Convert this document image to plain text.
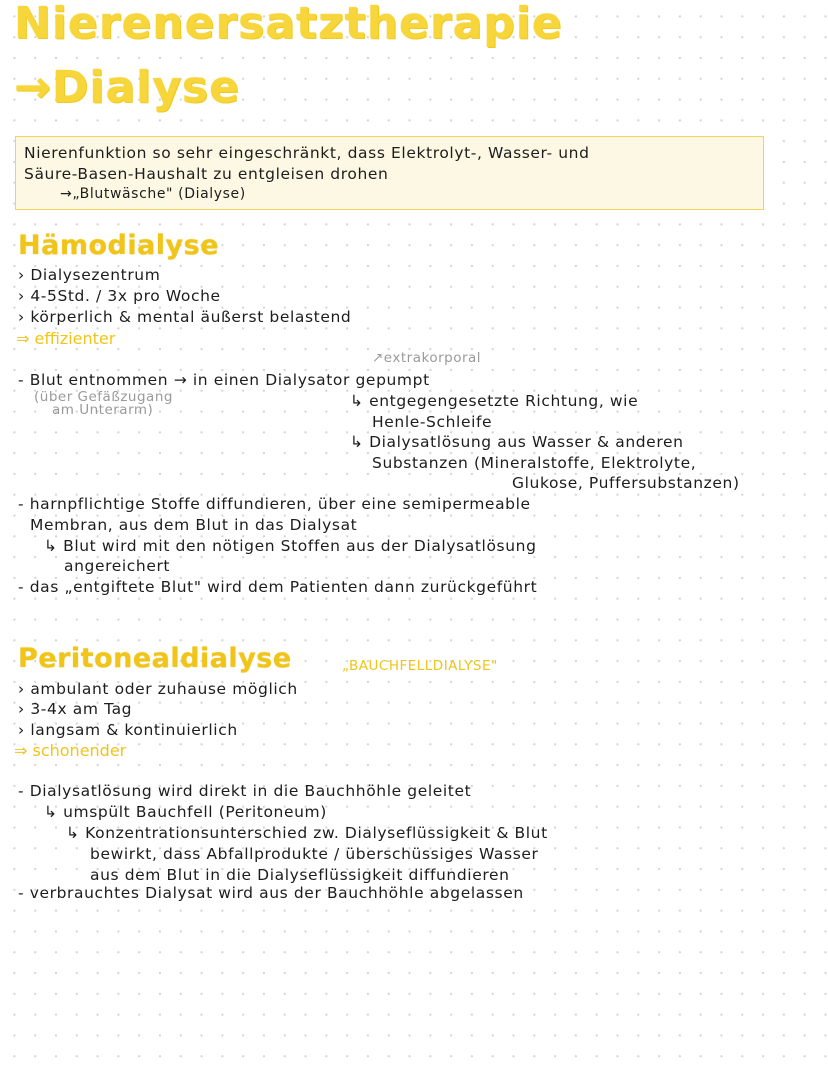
Nierenersatztherapie
→Dialyse
Nierenfunktion so sehr eingeschränkt, dass Elektrolyt-, Wasser- und
Säure-Basen-Haushalt zu entgleisen drohen
→„Blutwäsche" (Dialyse)
Hämodialyse
› Dialysezentrum
› 4-5Std. / 3x pro Woche
› körperlich & mental äußerst belastend
⇒ effizienter
↗extrakorporal
- Blut entnommen → in einen Dialysator gepumpt
(über Gefäßzugang
am Unterarm)	↳ entgegengesetzte Richtung, wie
Henle-Schleife
↳ Dialysatlösung aus Wasser & anderen
Substanzen (Mineralstoffe, Elektrolyte,
Glukose, Puffersubstanzen)
- harnpflichtige Stoffe diffundieren, über eine semipermeable
Membran, aus dem Blut in das Dialysat
↳ Blut wird mit den nötigen Stoffen aus der Dialysatlösung
angereichert
- das „entgiftete Blut" wird dem Patienten dann zurückgeführt
Peritonealdialyse	„BAUCHFELLDIALYSE"
› ambulant oder zuhause möglich
› 3-4x am Tag
› langsam & kontinuierlich
⇒ schonender
- Dialysatlösung wird direkt in die Bauchhöhle geleitet
↳ umspült Bauchfell (Peritoneum)
↳ Konzentrationsunterschied zw. Dialyseflüssigkeit & Blut
bewirkt, dass Abfallprodukte / überschüssiges Wasser
aus dem Blut in die Dialyseflüssigkeit diffundieren
- verbrauchtes Dialysat wird aus der Bauchhöhle abgelassen
